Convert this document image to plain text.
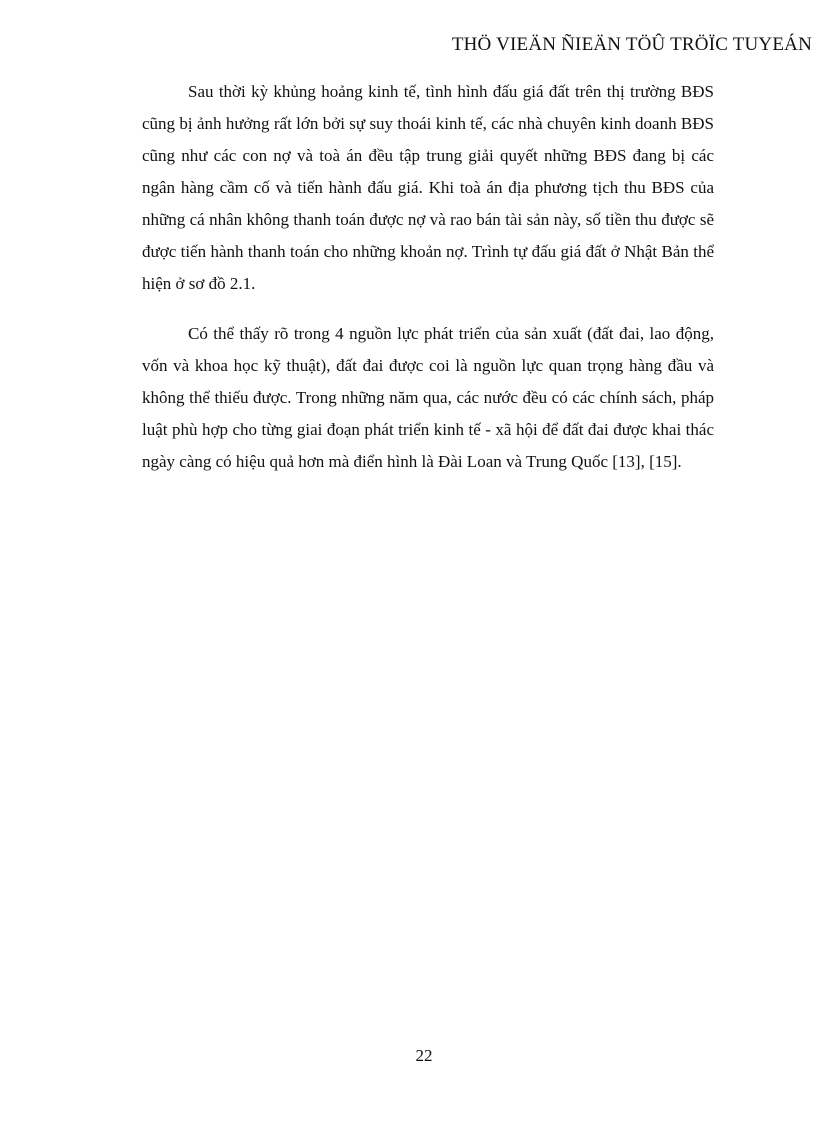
THÖ VIEÄN ÑIEÄN TÖÛ TRÖÏC TUYEÁN

Sau thời kỳ khủng hoảng kinh tế, tình hình đấu giá đất trên thị trường BĐS cũng bị ảnh hưởng rất lớn bởi sự suy thoái kinh tế, các nhà chuyên kinh doanh BĐS cũng như các con nợ và toà án đều tập trung giải quyết những BĐS đang bị các ngân hàng cầm cố và tiến hành đấu giá. Khi toà án địa phương tịch thu BĐS của những cá nhân không thanh toán được nợ và rao bán tài sản này, số tiền thu được sẽ được tiến hành thanh toán cho những khoản nợ. Trình tự đấu giá đất ở Nhật Bản thể hiện ở sơ đồ 2.1.

Có thể thấy rõ trong 4 nguồn lực phát triển của sản xuất (đất đai, lao động, vốn và khoa học kỹ thuật), đất đai được coi là nguồn lực quan trọng hàng đầu và không thể thiếu được. Trong những năm qua, các nước đều có các chính sách, pháp luật phù hợp cho từng giai đoạn phát triển kinh tế - xã hội để đất đai được khai thác ngày càng có hiệu quả hơn mà điển hình là Đài Loan và Trung Quốc [13], [15].

22
